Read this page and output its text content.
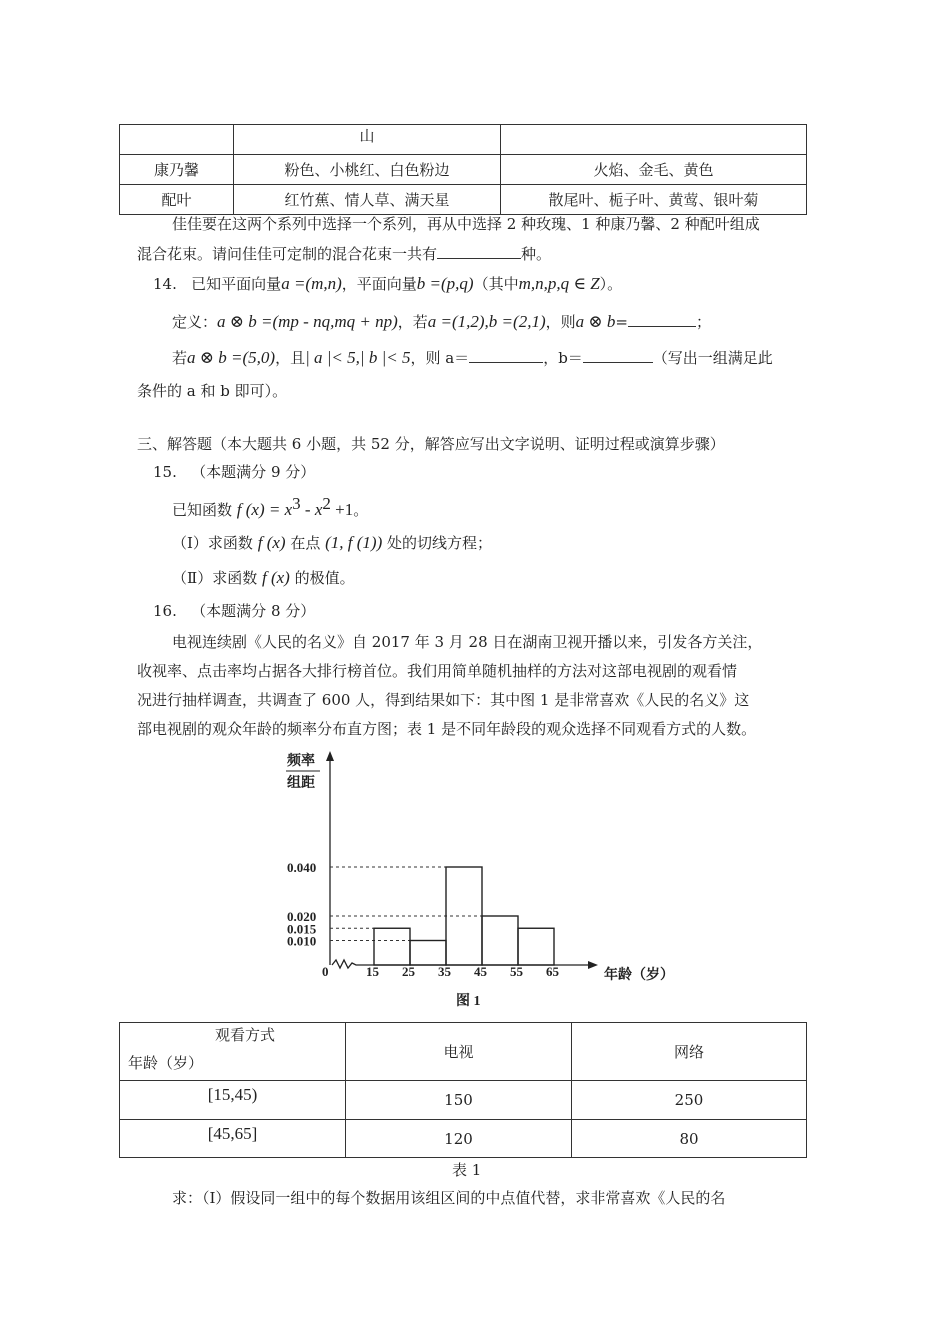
	山	
康乃馨	粉色、小桃红、白色粉边	火焰、金毛、黄色
配叶	红竹蕉、情人草、满天星	散尾叶、栀子叶、黄莺、银叶菊
佳佳要在这两个系列中选择一个系列，再从中选择 2 种玫瑰、1 种康乃馨、2 种配叶组成
混合花束。请问佳佳可定制的混合花束一共有	种。
14. 已知平面向量a =(m,n)，平面向量b =(p,q)（其中m,n,p,q ∈ Z）。
定义：a ⊗ b =(mp - nq,mq + np)，若a =(1,2),b =(2,1)，则a ⊗ b=	；
若a ⊗ b =(5,0)，且| a |< 5,| b |< 5，则 a＝	，b＝	（写出一组满足此
条件的 a 和 b 即可）。
三、解答题（本大题共 6 小题，共 52 分，解答应写出文字说明、证明过程或演算步骤）
15. （本题满分 9 分）
已知函数 f $(x) = x^3 - x^2 +1$。
（Ⅰ）求函数 f (x) 在点 (1, f (1)) 处的切线方程；
（Ⅱ）求函数 f (x) 的极值。
16. （本题满分 8 分）
电视连续剧《人民的名义》自 2017 年 3 月 28 日在湖南卫视开播以来，引发各方关注，
收视率、点击率均占据各大排行榜首位。我们用简单随机抽样的方法对这部电视剧的观看情
况进行抽样调查，共调查了 600 人，得到结果如下：其中图 1 是非常喜欢《人民的名义》这
部电视剧的观众年龄的频率分布直方图；表 1 是不同年龄段的观众选择不同观看方式的人数。
0.040
0.020
0.015
0.010
15 25 35 45 55 65
频率
组距
0	年龄（岁）
图 1
观看方式
年龄（岁）	电视	网络
[15,45)	150	250
[45,65]	120	80
表 1
求：（Ⅰ）假设同一组中的每个数据用该组区间的中点值代替，求非常喜欢《人民的名
